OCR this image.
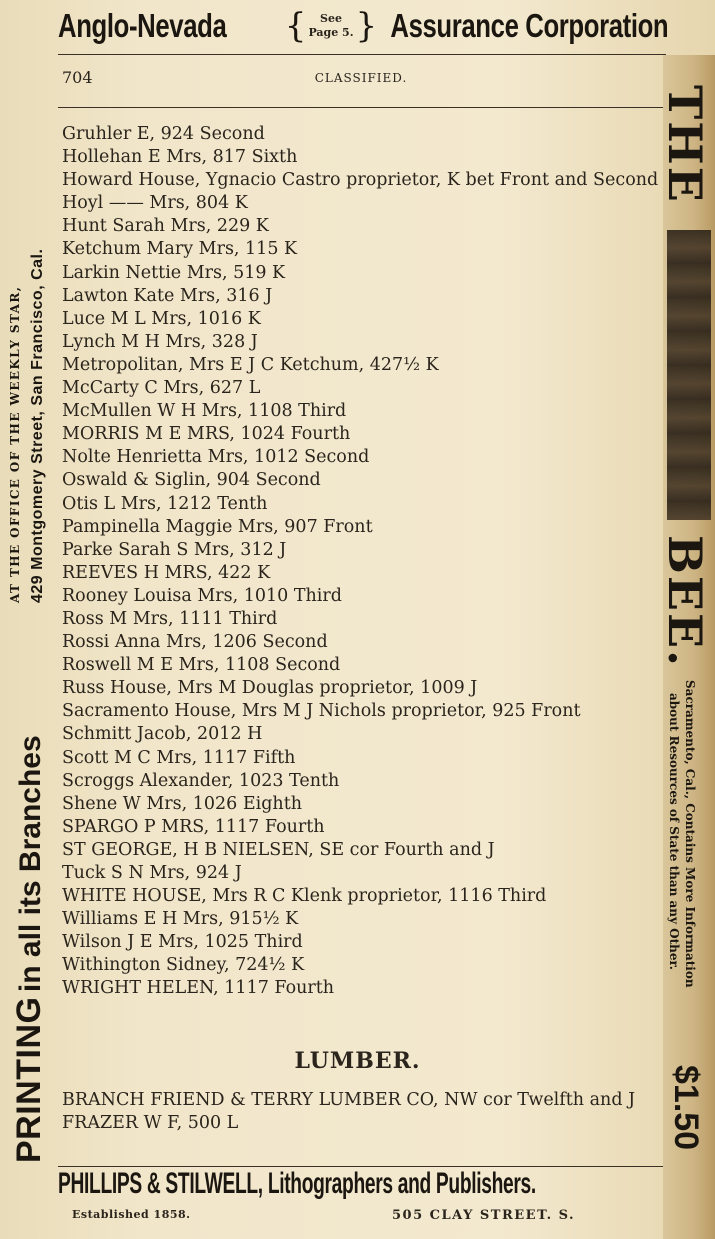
Anglo-Nevada {	See
Page 5. } Assurance Corporation
704	CLASSIFIED.
Gruhler E, 924 Second
Hollehan E Mrs, 817 Sixth
Howard House, Ygnacio Castro proprietor, K bet Front and Second
Hoyl —— Mrs, 804 K
Hunt Sarah Mrs, 229 K
Ketchum Mary Mrs, 115 K
Larkin Nettie Mrs, 519 K
Lawton Kate Mrs, 316 J
Luce M L Mrs, 1016 K
Lynch M H Mrs, 328 J
Metropolitan, Mrs E J C Ketchum, 427½ K
McCarty C Mrs, 627 L
McMullen W H Mrs, 1108 Third
MORRIS M E MRS, 1024 Fourth
Nolte Henrietta Mrs, 1012 Second
Oswald & Siglin, 904 Second
Otis L Mrs, 1212 Tenth
Pampinella Maggie Mrs, 907 Front
Parke Sarah S Mrs, 312 J
REEVES H MRS, 422 K
Rooney Louisa Mrs, 1010 Third
Ross M Mrs, 1111 Third
Rossi Anna Mrs, 1206 Second
Roswell M E Mrs, 1108 Second
Russ House, Mrs M Douglas proprietor, 1009 J
Sacramento House, Mrs M J Nichols proprietor, 925 Front
Schmitt Jacob, 2012 H
Scott M C Mrs, 1117 Fifth
Scroggs Alexander, 1023 Tenth
Shene W Mrs, 1026 Eighth
SPARGO P MRS, 1117 Fourth
ST GEORGE, H B NIELSEN, SE cor Fourth and J
Tuck S N Mrs, 924 J
WHITE HOUSE, Mrs R C Klenk proprietor, 1116 Third
Williams E H Mrs, 915½ K
Wilson J E Mrs, 1025 Third
Withington Sidney, 724½ K
WRIGHT HELEN, 1117 Fourth
LUMBER.
BRANCH FRIEND & TERRY LUMBER CO, NW cor Twelfth and J
FRAZER W F, 500 L
PHILLIPS & STILWELL, Lithographers and Publishers.
Established 1858.	505 CLAY STREET. S.
PRINTING in all its Branches
AT THE OFFICE OF THE WEEKLY STAR, 429 Montgomery Street, San Francisco, Cal.
THE
BEE.
Sacramento, Cal., Contains More Information
about Resources of State than any Other.
$1.50
